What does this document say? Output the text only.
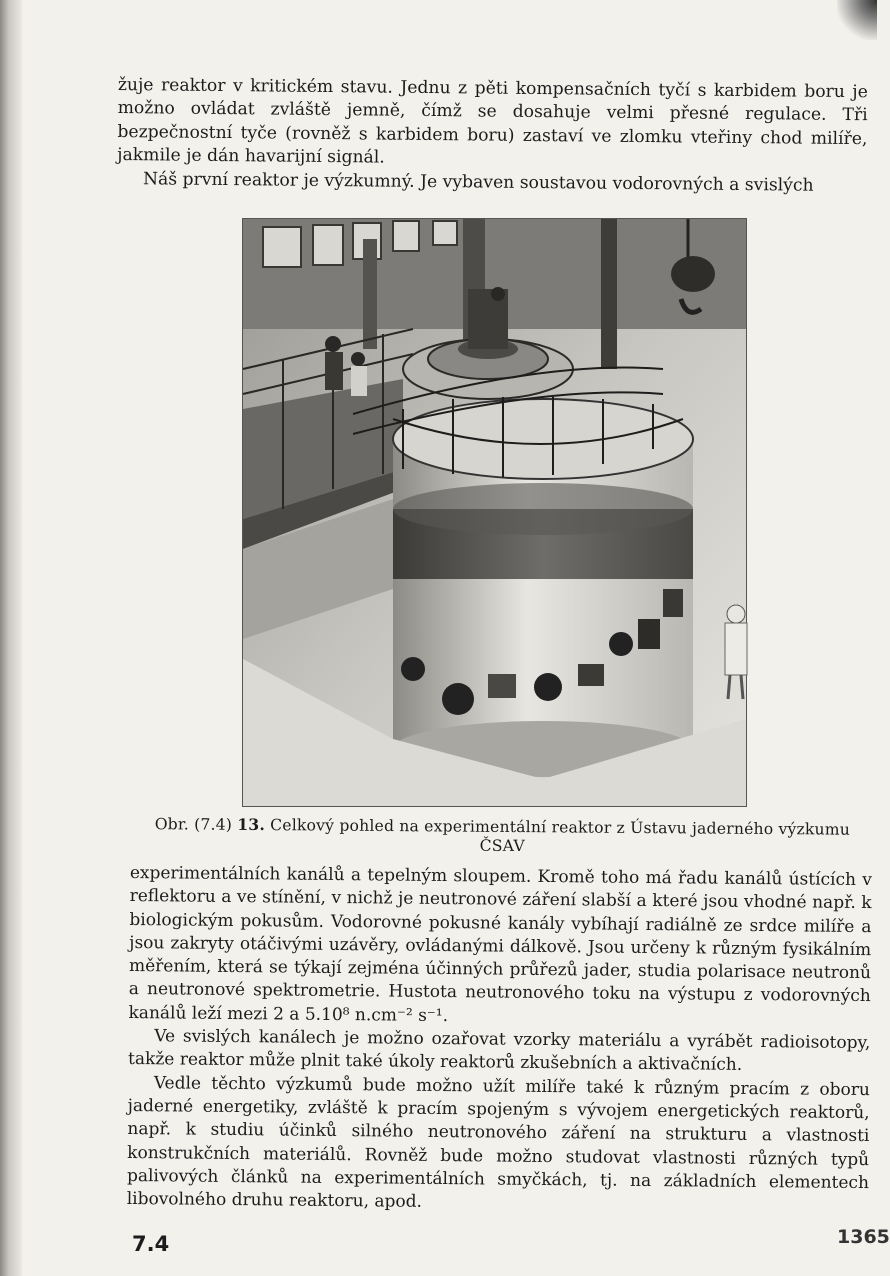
žuje reaktor v kritickém stavu. Jednu z pěti kompensačních tyčí s karbidem boru je možno ovládat zvláště jemně, čímž se dosahuje velmi přesné regulace. Tři bezpečnostní tyče (rovněž s karbidem boru) zastaví ve zlomku vteřiny chod milíře, jakmile je dán havarijní signál.

Náš první reaktor je výzkumný. Je vybaven soustavou vodorovných a svislých

Obr. (7.4) 13. Celkový pohled na experimentální reaktor z Ústavu jaderného výzkumu ČSAV

experimentálních kanálů a tepelným sloupem. Kromě toho má řadu kanálů ústících v reflektoru a ve stínění, v nichž je neutronové záření slabší a které jsou vhodné např. k biologickým pokusům. Vodorovné pokusné kanály vybíhají radiálně ze srdce milíře a jsou zakryty otáčivými uzávěry, ovládanými dálkově. Jsou určeny k různým fysikálním měřením, která se týkají zejména účinných průřezů jader, studia polarisace neutronů a neutronové spektrometrie. Hustota neutronového toku na výstupu z vodorovných kanálů leží mezi 2 a 5.10⁸ n.cm⁻² s⁻¹.

Ve svislých kanálech je možno ozařovat vzorky materiálu a vyrábět radioisotopy, takže reaktor může plnit také úkoly reaktorů zkušebních a aktivačních.

Vedle těchto výzkumů bude možno užít milíře také k různým pracím z oboru jaderné energetiky, zvláště k pracím spojeným s vývojem energetických reaktorů, např. k studiu účinků silného neutronového záření na strukturu a vlastnosti konstrukčních materiálů. Rovněž bude možno studovat vlastnosti různých typů palivových článků na experimentálních smyčkách, tj. na základních elementech libovolného druhu reaktoru, apod.

7.4	1365
